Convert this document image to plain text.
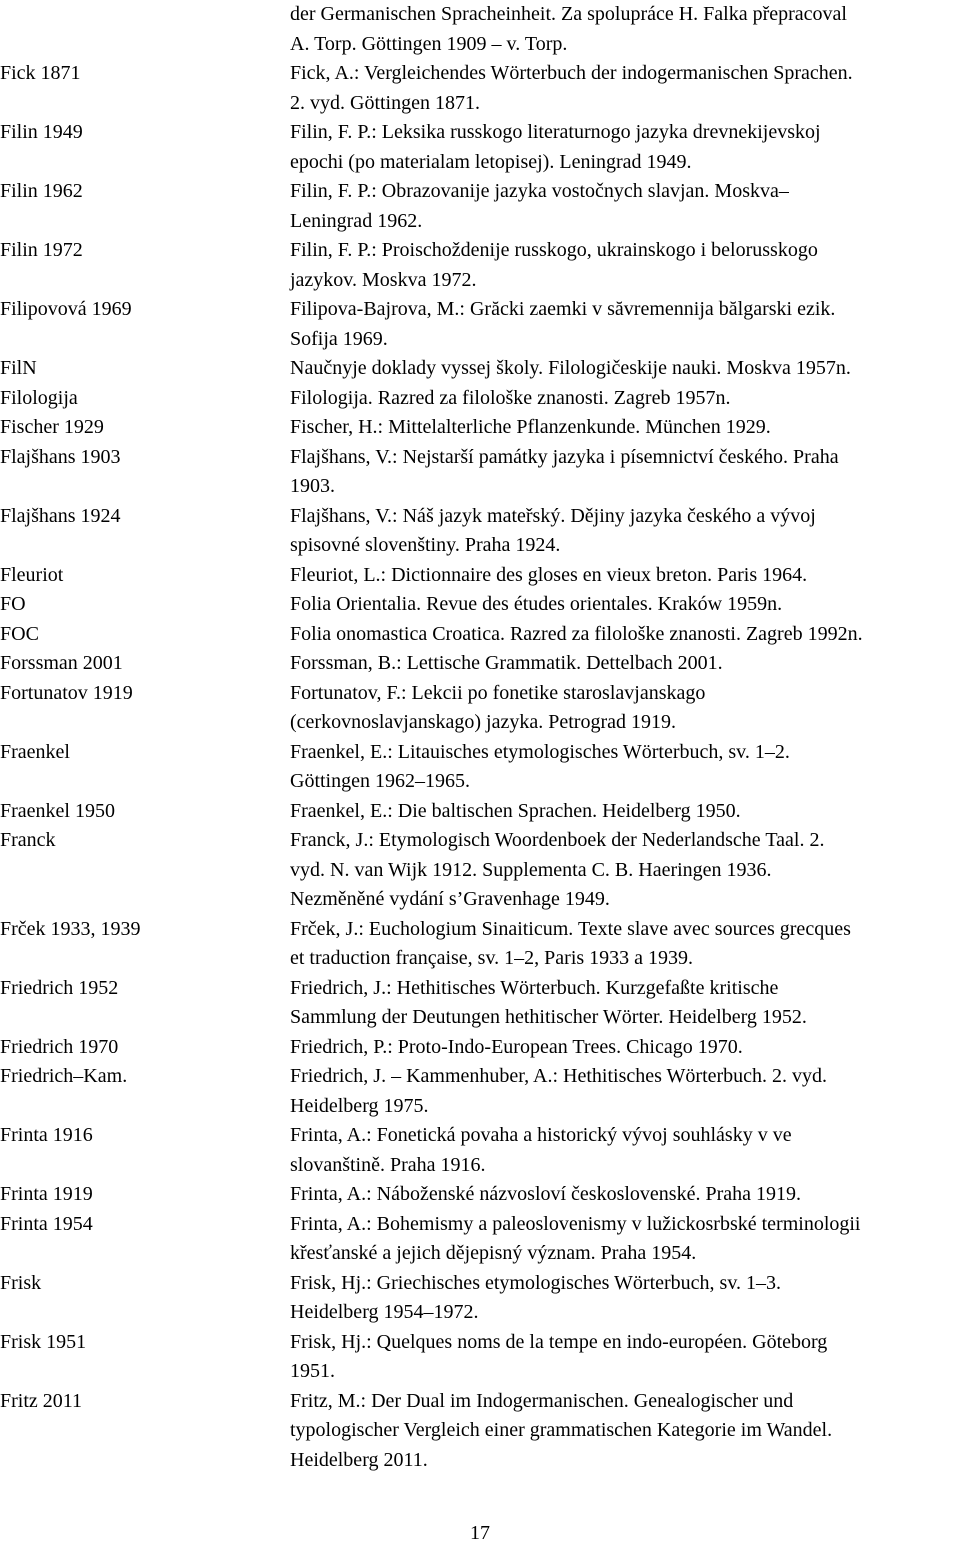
der Germanischen Spracheinheit. Za spolupráce H. Falka přepracoval
A. Torp. Göttingen 1909 – v. Torp.
Fick 1871	Fick, A.: Vergleichendes Wörterbuch der indogermanischen Sprachen.
2. vyd. Göttingen 1871.
Filin 1949	Filin, F. P.: Leksika russkogo literaturnogo jazyka drevnekijevskoj
epochi (po materialam letopisej). Leningrad 1949.
Filin 1962	Filin, F. P.: Obrazovanije jazyka vostočnych slavjan. Moskva–
Leningrad 1962.
Filin 1972	Filin, F. P.: Proischoždenije russkogo, ukrainskogo i belorusskogo
jazykov. Moskva 1972.
Filipovová 1969	Filipova-Bajrova, M.: Grăcki zaemki v săvremennija bălgarski ezik.
Sofija 1969.
FilN	Naučnyje doklady vyssej školy. Filologičeskije nauki. Moskva 1957n.
Filologija	Filologija. Razred za filološke znanosti. Zagreb 1957n.
Fischer 1929	Fischer, H.: Mittelalterliche Pflanzenkunde. München 1929.
Flajšhans 1903	Flajšhans, V.: Nejstarší památky jazyka i písemnictví českého. Praha
1903.
Flajšhans 1924	Flajšhans, V.: Náš jazyk mateřský. Dějiny jazyka českého a vývoj
spisovné slovenštiny. Praha 1924.
Fleuriot	Fleuriot, L.: Dictionnaire des gloses en vieux breton. Paris 1964.
FO	Folia Orientalia. Revue des études orientales. Kraków 1959n.
FOC	Folia onomastica Croatica. Razred za filološke znanosti. Zagreb 1992n.
Forssman 2001	Forssman, B.: Lettische Grammatik. Dettelbach 2001.
Fortunatov 1919	Fortunatov, F.: Lekcii po fonetike staroslavjanskago
(cerkovnoslavjanskago) jazyka. Petrograd 1919.
Fraenkel	Fraenkel, E.: Litauisches etymologisches Wörterbuch, sv. 1–2.
Göttingen 1962–1965.
Fraenkel 1950	Fraenkel, E.: Die baltischen Sprachen. Heidelberg 1950.
Franck	Franck, J.: Etymologisch Woordenboek der Nederlandsche Taal. 2.
vyd. N. van Wijk 1912. Supplementa C. B. Haeringen 1936.
Nezměněné vydání s’Gravenhage 1949.
Frček 1933, 1939	Frček, J.: Euchologium Sinaiticum. Texte slave avec sources grecques
et traduction française, sv. 1–2, Paris 1933 a 1939.
Friedrich 1952	Friedrich, J.: Hethitisches Wörterbuch. Kurzgefaßte kritische
Sammlung der Deutungen hethitischer Wörter. Heidelberg 1952.
Friedrich 1970	Friedrich, P.: Proto-Indo-European Trees. Chicago 1970.
Friedrich–Kam.	Friedrich, J. – Kammenhuber, A.: Hethitisches Wörterbuch. 2. vyd.
Heidelberg 1975.
Frinta 1916	Frinta, A.: Fonetická povaha a historický vývoj souhlásky v ve
slovanštině. Praha 1916.
Frinta 1919	Frinta, A.: Náboženské názvosloví československé. Praha 1919.
Frinta 1954	Frinta, A.: Bohemismy a paleoslovenismy v lužickosrbské terminologii
křesťanské a jejich dějepisný význam. Praha 1954.
Frisk	Frisk, Hj.: Griechisches etymologisches Wörterbuch, sv. 1–3.
Heidelberg 1954–1972.
Frisk 1951	Frisk, Hj.: Quelques noms de la tempe en indo-européen. Göteborg
1951.
Fritz 2011	Fritz, M.: Der Dual im Indogermanischen. Genealogischer und
typologischer Vergleich einer grammatischen Kategorie im Wandel.
Heidelberg 2011.
17
